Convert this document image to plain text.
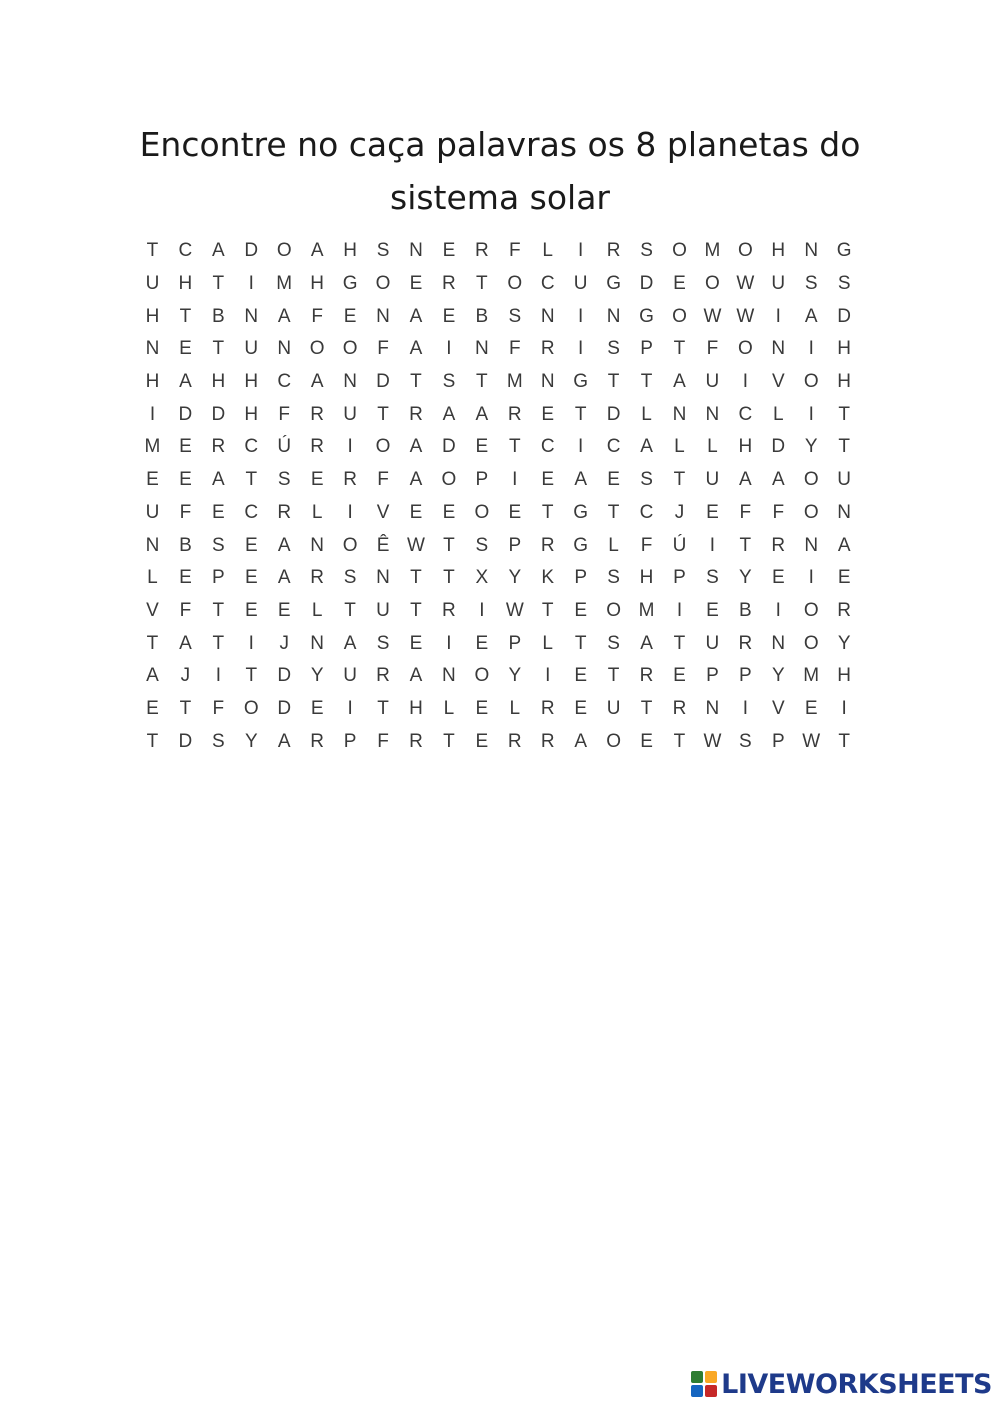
Encontre no caça palavras os 8 planetas do
sistema solar
T	C	A	D O	A	H	S	N	E	R	F	L	I	R	S	O M O H	N G
U	H	T	I	M H G O	E	R	T	O C	U G D	E	O W U	S	S
H	T	B	N	A	F	E	N	A	E	B	S	N	I	N G O W W	I	A	D
N	E	T	U	N O O	F	A	I	N	F	R	I	S	P	T	F	O N	I	H
H	A	H	H	C	A	N	D	T	S	T	M N G	T	T	A	U	I	V	O H
I	D	D	H	F	R	U	T	R	A	A	R	E	T	D	L	N	N	C	L	I	T
M E	R	C	Ú	R	I	O	A	D	E	T	C	I	C	A	L	L	H	D	Y	T
E	E	A	T	S	E	R	F	A	O	P	I	E	A	E	S	T	U	A	A	O U
U	F	E	C	R	L	I	V	E	E	O	E	T	G	T	C	J	E	F	F	O N
N	B	S	E	A	N O	Ê W T	S	P	R G	L	F	Ú	I	T	R	N	A
L	E	P	E	A	R	S	N	T	T	X	Y	K	P	S	H	P	S	Y	E	I	E
V	F	T	E	E	L	T	U	T	R	I	W T	E	O M	I	E	B	I	O R
T	A	T	I	J	N	A	S	E	I	E	P	L	T	S	A	T	U	R	N O	Y
A	J	I	T	D	Y	U	R	A	N O	Y	I	E	T	R	E	P	P	Y M H
E	T	F	O D	E	I	T	H	L	E	L	R	E	U	T	R	N	I	V	E	I
T	D	S	Y	A	R	P	F	R	T	E	R	R	A	O	E	T W S	P W T
LIVEWORKSHEETS
